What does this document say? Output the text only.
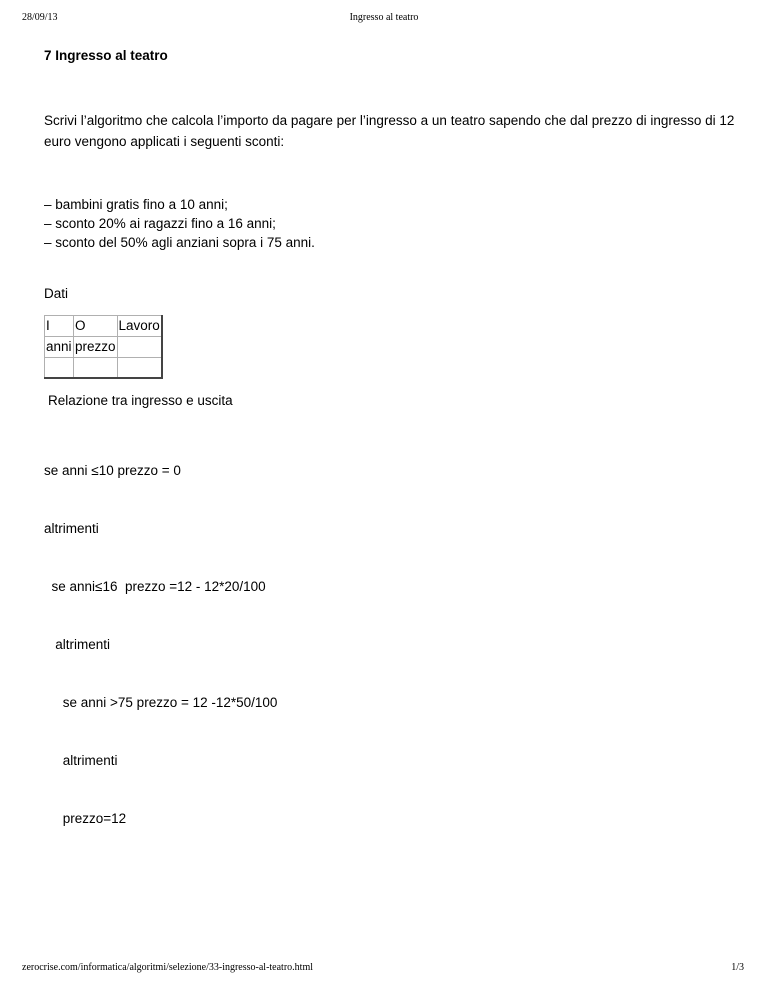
28/09/13	Ingresso al teatro
7 Ingresso al teatro
Scrivi l’algoritmo che calcola l’importo da pagare per l’ingresso a un teatro sapendo che dal prezzo di ingresso di 12
euro vengono applicati i seguenti sconti:
– bambini gratis fino a 10 anni;
– sconto 20% ai ragazzi fino a 16 anni;
– sconto del 50% agli anziani sopra i 75 anni.
Dati
I	O	Lavoro
anni	prezzo	

Relazione tra ingresso e uscita

se anni ≤10 prezzo = 0

altrimenti

se anni≤16  prezzo =12 - 12*20/100

altrimenti

se anni >75 prezzo = 12 -12*50/100

altrimenti

prezzo=12

zerocrise.com/informatica/algoritmi/selezione/33-ingresso-al-teatro.html	1/3
